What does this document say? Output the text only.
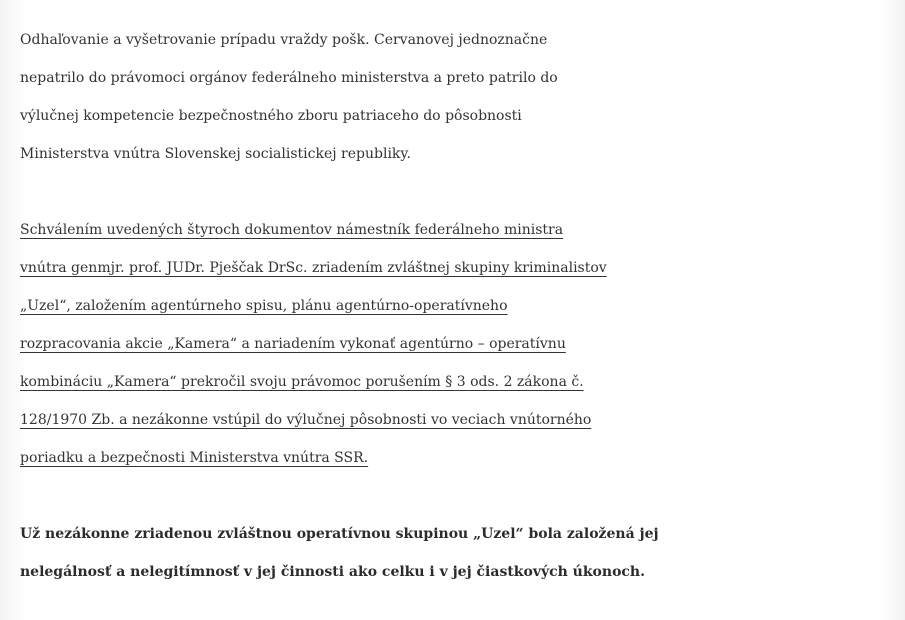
Odhaľovanie a vyšetrovanie prípadu vraždy pošk. Cervanovej jednoznačne
nepatrilo do právomoci orgánov federálneho ministerstva a preto patrilo do
výlučnej kompetencie bezpečnostného zboru patriaceho do pôsobnosti
Ministerstva vnútra Slovenskej socialistickej republiky.

Schválením uvedených štyroch dokumentov námestník federálneho ministra
vnútra genmjr. prof. JUDr. Pješčak DrSc. zriadením zvláštnej skupiny kriminalistov
„Uzel“, založením agentúrneho spisu, plánu agentúrno-operatívneho
rozpracovania akcie „Kamera“ a nariadením vykonať agentúrno – operatívnu
kombináciu „Kamera“ prekročil svoju právomoc porušením § 3 ods. 2 zákona č.
128/1970 Zb. a nezákonne vstúpil do výlučnej pôsobnosti vo veciach vnútorného
poriadku a bezpečnosti Ministerstva vnútra SSR.

Už nezákonne zriadenou zvláštnou operatívnou skupinou „Uzel“ bola založená jej
nelegálnosť a nelegitímnosť v jej činnosti ako celku i v jej čiastkových úkonoch.
